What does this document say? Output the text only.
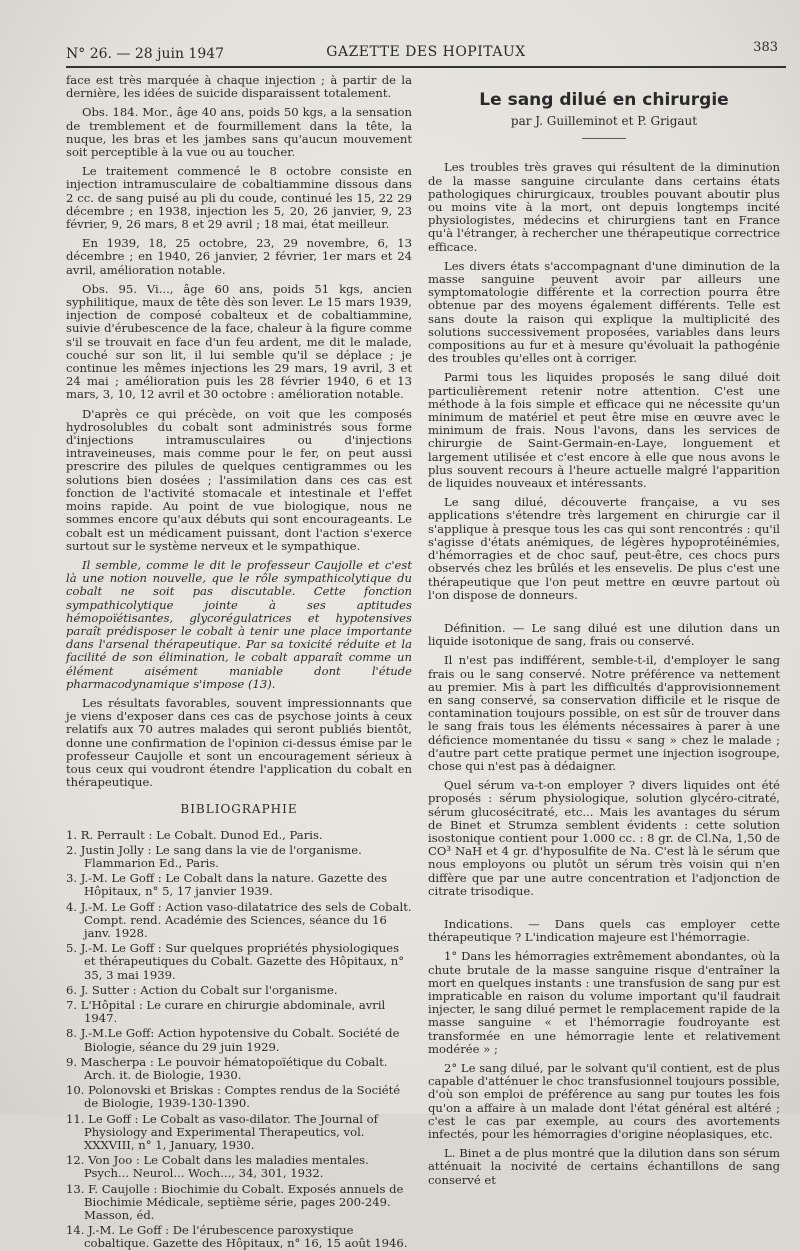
N° 26. — 28 juin 1947	GAZETTE DES HOPITAUX	383

face est très marquée à chaque injection ; à partir de la dernière, les idées de suicide disparaissent totalement.

Obs. 184. Mor., âge 40 ans, poids 50 kgs, a la sensation de tremblement et de fourmillement dans la tête, la nuque, les bras et les jambes sans qu'aucun mouvement soit perceptible à la vue ou au toucher.

Le traitement commencé le 8 octobre consiste en injection intramusculaire de cobaltiammine dissous dans 2 cc. de sang puisé au pli du coude, continué les 15, 22 29 décembre ; en 1938, injection les 5, 20, 26 janvier, 9, 23 février, 9, 26 mars, 8 et 29 avril ; 18 mai, état meilleur.

En 1939, 18, 25 octobre, 23, 29 novembre, 6, 13 décembre ; en 1940, 26 janvier, 2 février, 1er mars et 24 avril, amélioration notable.

Obs. 95. Vi..., âge 60 ans, poids 51 kgs, ancien syphilitique, maux de tête dès son lever. Le 15 mars 1939, injection de composé cobalteux et de cobaltiammine, suivie d'érubescence de la face, chaleur à la figure comme s'il se trouvait en face d'un feu ardent, me dit le malade, couché sur son lit, il lui semble qu'il se déplace ; je continue les mêmes injections les 29 mars, 19 avril, 3 et 24 mai ; amélioration puis les 28 février 1940, 6 et 13 mars, 3, 10, 12 avril et 30 octobre : amélioration notable.

D'après ce qui précède, on voit que les composés hydrosolubles du cobalt sont administrés sous forme d'injections intramusculaires ou d'injections intraveineuses, mais comme pour le fer, on peut aussi prescrire des pilules de quelques centigrammes ou les solutions bien dosées ; l'assimilation dans ces cas est fonction de l'activité stomacale et intestinale et l'effet moins rapide. Au point de vue biologique, nous ne sommes encore qu'aux débuts qui sont encourageants. Le cobalt est un médicament puissant, dont l'action s'exerce surtout sur le système nerveux et le sympathique.

Il semble, comme le dit le professeur Caujolle et c'est là une notion nouvelle, que le rôle sympathicolytique du cobalt ne soit pas discutable. Cette fonction sympathicolytique jointe à ses aptitudes hémopoïétisantes, glycorégulatrices et hypotensives paraît prédisposer le cobalt à tenir une place importante dans l'arsenal thérapeutique. Par sa toxicité réduite et la facilité de son élimination, le cobalt apparaît comme un élément aisément maniable dont l'étude pharmacodynamique s'impose (13).

Les résultats favorables, souvent impressionnants que je viens d'exposer dans ces cas de psychose joints à ceux relatifs aux 70 autres malades qui seront publiés bientôt, donne une confirmation de l'opinion ci-dessus émise par le professeur Caujolle et sont un encouragement sérieux à tous ceux qui voudront étendre l'application du cobalt en thérapeutique.

BIBLIOGRAPHIE
1. R. Perrault : Le Cobalt. Dunod Ed., Paris.
2. Justin Jolly : Le sang dans la vie de l'organisme. Flammarion Ed., Paris.
3. J.-M. Le Goff : Le Cobalt dans la nature. Gazette des Hôpitaux, n° 5, 17 janvier 1939.
4. J.-M. Le Goff : Action vaso-dilatatrice des sels de Cobalt. Compt. rend. Académie des Sciences, séance du 16 janv. 1928.
5. J.-M. Le Goff : Sur quelques propriétés physiologiques et thérapeutiques du Cobalt. Gazette des Hôpitaux, n° 35, 3 mai 1939.
6. J. Sutter : Action du Cobalt sur l'organisme.
7. L'Hôpital : Le curare en chirurgie abdominale, avril 1947.
8. J.-M.Le Goff: Action hypotensive du Cobalt. Société de Biologie, séance du 29 juin 1929.
9. Mascherpa : Le pouvoir hématopoïétique du Cobalt. Arch. it. de Biologie, 1930.
10. Polonovski et Briskas : Comptes rendus de la Société de Biologie, 1939-130-1390.
11. Le Goff : Le Cobalt as vaso-dilator. The Journal of Physiology and Experimental Therapeutics, vol. XXXVIII, n° 1, January, 1930.
12. Von Joo : Le Cobalt dans les maladies mentales. Psych... Neurol... Woch..., 34, 301, 1932.
13. F. Caujolle : Biochimie du Cobalt. Exposés annuels de Biochimie Médicale, septième série, pages 200-249. Masson, éd.
14. J.-M. Le Goff : De l'érubescence paroxystique cobaltique. Gazette des Hôpitaux, n° 16, 15 août 1946.
Le sang dilué en chirurgie
par J. Guilleminot et P. Grigaut

Les troubles très graves qui résultent de la diminution de la masse sanguine circulante dans certains états pathologiques chirurgicaux, troubles pouvant aboutir plus ou moins vite à la mort, ont depuis longtemps incité physiologistes, médecins et chirurgiens tant en France qu'à l'étranger, à rechercher une thérapeutique correctrice efficace.

Les divers états s'accompagnant d'une diminution de la masse sanguine peuvent avoir par ailleurs une symptomatologie différente et la correction pourra être obtenue par des moyens également différents. Telle est sans doute la raison qui explique la multiplicité des solutions successivement proposées, variables dans leurs compositions au fur et à mesure qu'évoluait la pathogénie des troubles qu'elles ont à corriger.

Parmi tous les liquides proposés le sang dilué doit particulièrement retenir notre attention. C'est une méthode à la fois simple et efficace qui ne nécessite qu'un minimum de matériel et peut être mise en œuvre avec le minimum de frais. Nous l'avons, dans les services de chirurgie de Saint-Germain-en-Laye, longuement et largement utilisée et c'est encore à elle que nous avons le plus souvent recours à l'heure actuelle malgré l'apparition de liquides nouveaux et intéressants.

Le sang dilué, découverte française, a vu ses applications s'étendre très largement en chirurgie car il s'applique à presque tous les cas qui sont rencontrés : qu'il s'agisse d'états anémiques, de légères hypoprotéinémies, d'hémorragies et de choc sauf, peut-être, ces chocs purs observés chez les brûlés et les ensevelis. De plus c'est une thérapeutique que l'on peut mettre en œuvre partout où l'on dispose de donneurs.

Définition. — Le sang dilué est une dilution dans un liquide isotonique de sang, frais ou conservé.

Il n'est pas indifférent, semble-t-il, d'employer le sang frais ou le sang conservé. Notre préférence va nettement au premier. Mis à part les difficultés d'approvisionnement en sang conservé, sa conservation difficile et le risque de contamination toujours possible, on est sûr de trouver dans le sang frais tous les éléments nécessaires à parer à une déficience momentanée du tissu « sang » chez le malade ; d'autre part cette pratique permet une injection isogroupe, chose qui n'est pas à dédaigner.

Quel sérum va-t-on employer ? divers liquides ont été proposés : sérum physiologique, solution glycéro-citraté, sérum glucosécitraté, etc... Mais les avantages du sérum de Binet et Strumza semblent évidents : cette solution isostonique contient pour 1.000 cc. : 8 gr. de Cl.Na, 1,50 de CO³ NaH et 4 gr. d'hyposulfite de Na. C'est là le sérum que nous employons ou plutôt un sérum très voisin qui n'en diffère que par une autre concentration et l'adjonction de citrate trisodique.

Indications. — Dans quels cas employer cette thérapeutique ? L'indication majeure est l'hémorragie.

1° Dans les hémorragies extrêmement abondantes, où la chute brutale de la masse sanguine risque d'entraîner la mort en quelques instants : une transfusion de sang pur est impraticable en raison du volume important qu'il faudrait injecter, le sang dilué permet le remplacement rapide de la masse sanguine « et l'hémorragie foudroyante est transformée en une hémorragie lente et relativement modérée » ;

2° Le sang dilué, par le solvant qu'il contient, est de plus capable d'atténuer le choc transfusionnel toujours possible, d'où son emploi de préférence au sang pur toutes les fois qu'on a affaire à un malade dont l'état général est altéré ; c'est le cas par exemple, au cours des avortements infectés, pour les hémorragies d'origine néoplasiques, etc.

L. Binet a de plus montré que la dilution dans son sérum atténuait la nocivité de certains échantillons de sang conservé et
